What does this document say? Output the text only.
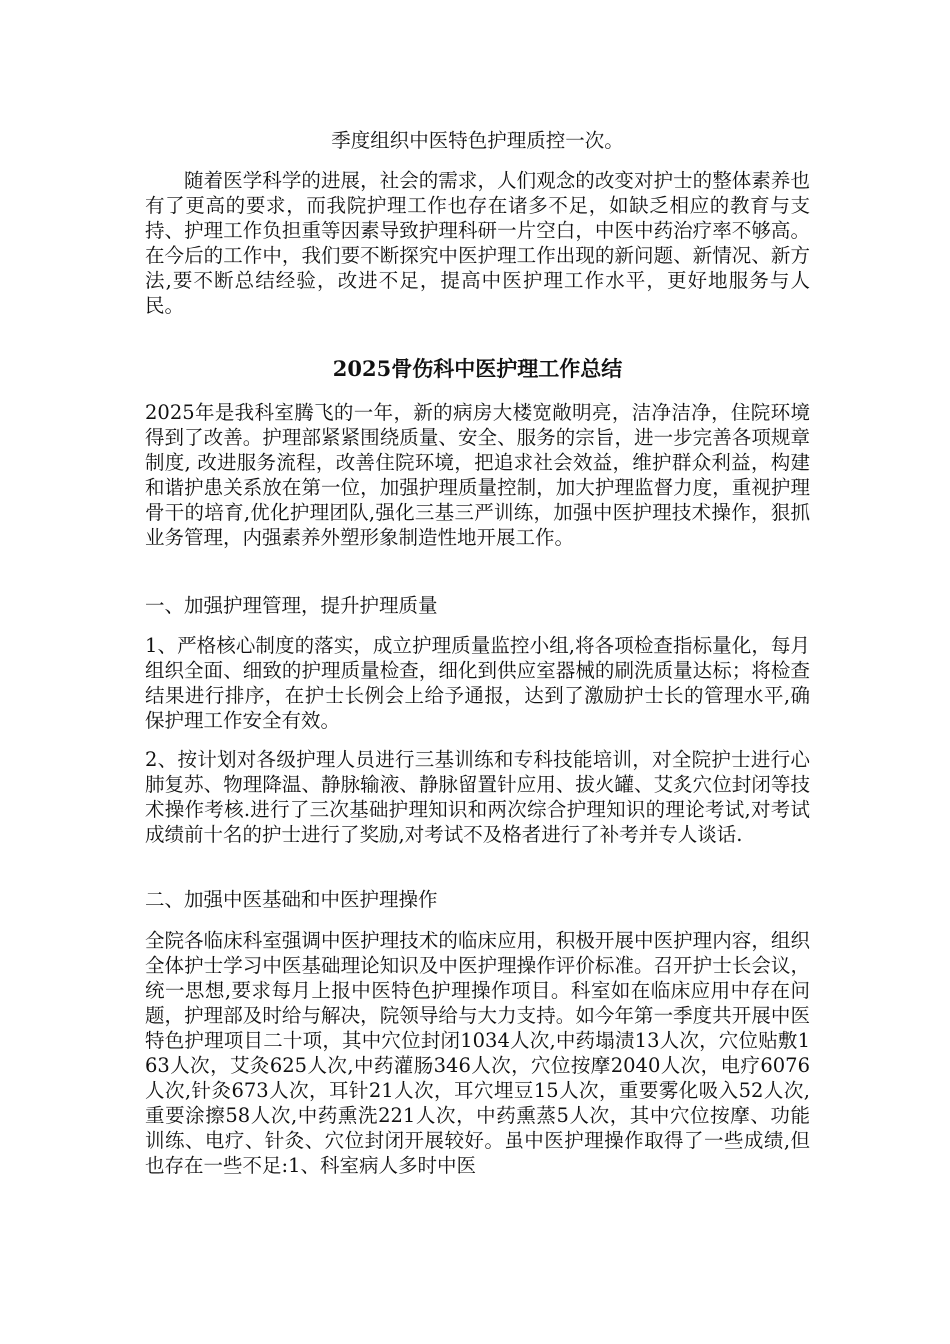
季度组织中医特色护理质控一次。

随着医学科学的进展，社会的需求，人们观念的改变对护士的整体素养也有了更高的要求，而我院护理工作也存在诸多不足，如缺乏相应的教育与支持、护理工作负担重等因素导致护理科研一片空白，中医中药治疗率不够高。在今后的工作中，我们要不断探究中医护理工作出现的新问题、新情况、新方法,要不断总结经验，改进不足，提高中医护理工作水平，更好地服务与人民。

2025骨伤科中医护理工作总结

2025年是我科室腾飞的一年，新的病房大楼宽敞明亮，洁净洁净，住院环境得到了改善。护理部紧紧围绕质量、安全、服务的宗旨，进一步完善各项规章制度, 改进服务流程，改善住院环境，把追求社会效益，维护群众利益，构建和谐护患关系放在第一位，加强护理质量控制，加大护理监督力度，重视护理骨干的培育,优化护理团队,强化三基三严训练，加强中医护理技术操作，狠抓业务管理，内强素养外塑形象制造性地开展工作。

一、加强护理管理，提升护理质量

1、严格核心制度的落实，成立护理质量监控小组,将各项检查指标量化，每月组织全面、细致的护理质量检查，细化到供应室器械的刷洗质量达标；将检查结果进行排序，在护士长例会上给予通报，达到了激励护士长的管理水平,确保护理工作安全有效。

2、按计划对各级护理人员进行三基训练和专科技能培训，对全院护士进行心肺复苏、物理降温、静脉输液、静脉留置针应用、拔火罐、艾炙穴位封闭等技术操作考核.进行了三次基础护理知识和两次综合护理知识的理论考试,对考试成绩前十名的护士进行了奖励,对考试不及格者进行了补考并专人谈话.

二、加强中医基础和中医护理操作

全院各临床科室强调中医护理技术的临床应用，积极开展中医护理内容，组织全体护士学习中医基础理论知识及中医护理操作评价标准。召开护士长会议，统一思想,要求每月上报中医特色护理操作项目。科室如在临床应用中存在问题，护理部及时给与解决，院领导给与大力支持。如今年第一季度共开展中医特色护理项目二十项，其中穴位封闭1034人次,中药塌渍13人次，穴位贴敷163人次，艾灸625人次,中药灌肠346人次，穴位按摩2040人次，电疗6076人次,针灸673人次，耳针21人次，耳穴埋豆15人次，重要雾化吸入52人次,重要涂擦58人次,中药熏洗221人次，中药熏蒸5人次，其中穴位按摩、功能训练、电疗、针灸、穴位封闭开展较好。虽中医护理操作取得了一些成绩,但也存在一些不足:1、科室病人多时中医
